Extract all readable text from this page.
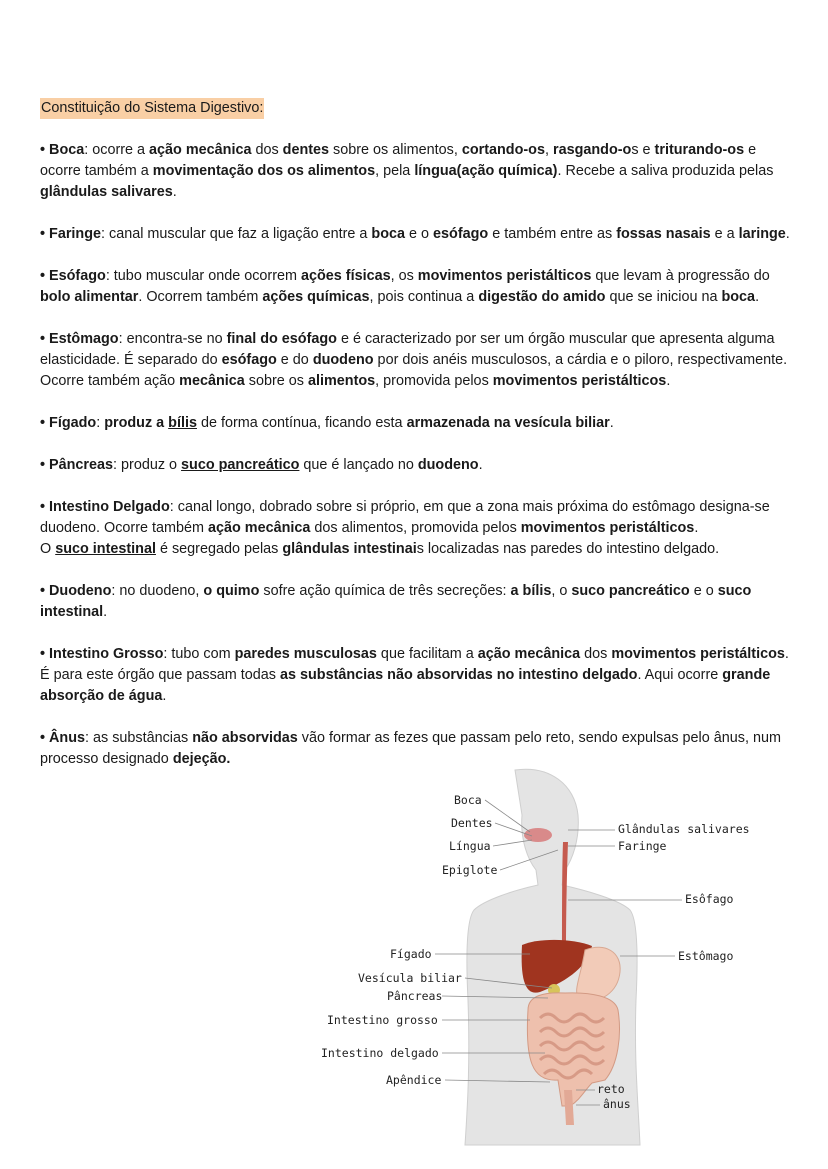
Constituição do Sistema Digestivo:
• Boca: ocorre a ação mecânica dos dentes sobre os alimentos, cortando-os, rasgando-os e triturando-os e ocorre também a movimentação dos os alimentos, pela língua(ação química). Recebe a saliva produzida pelas glândulas salivares.
• Faringe: canal muscular que faz a ligação entre a boca e o esófago e também entre as fossas nasais e a laringe.
• Esófago: tubo muscular onde ocorrem ações físicas, os movimentos peristálticos que levam à progressão do bolo alimentar. Ocorrem também ações químicas, pois continua a digestão do amido que se iniciou na boca.
• Estômago: encontra-se no final do esófago e é caracterizado por ser um órgão muscular que apresenta alguma elasticidade. É separado do esófago e do duodeno por dois anéis musculosos, a cárdia e o piloro, respectivamente. Ocorre também ação mecânica sobre os alimentos, promovida pelos movimentos peristálticos.
• Fígado: produz a bílis de forma contínua, ficando esta armazenada na vesícula biliar.
• Pâncreas: produz o suco pancreático que é lançado no duodeno.
• Intestino Delgado: canal longo, dobrado sobre si próprio, em que a zona mais próxima do estômago designa-se duodeno. Ocorre também ação mecânica dos alimentos, promovida pelos movimentos peristálticos.
O suco intestinal é segregado pelas glândulas intestinais localizadas nas paredes do intestino delgado.
• Duodeno: no duodeno, o quimo sofre ação química de três secreções: a bílis, o suco pancreático e o suco intestinal.
• Intestino Grosso: tubo com paredes musculosas que facilitam a ação mecânica dos movimentos peristálticos. É para este órgão que passam todas as substâncias não absorvidas no intestino delgado. Aqui ocorre grande absorção de água.
• Ânus: as substâncias não absorvidas vão formar as fezes que passam pelo reto, sendo expulsas pelo ânus, num processo designado dejeção.
Boca
Dentes
Língua
Epiglote
Glândulas salivares
Faringe
Esôfago
Fígado	Estômago
Vesícula biliar
Pâncreas
Intestino grosso
Intestino delgado
Apêndice
reto
ânus
